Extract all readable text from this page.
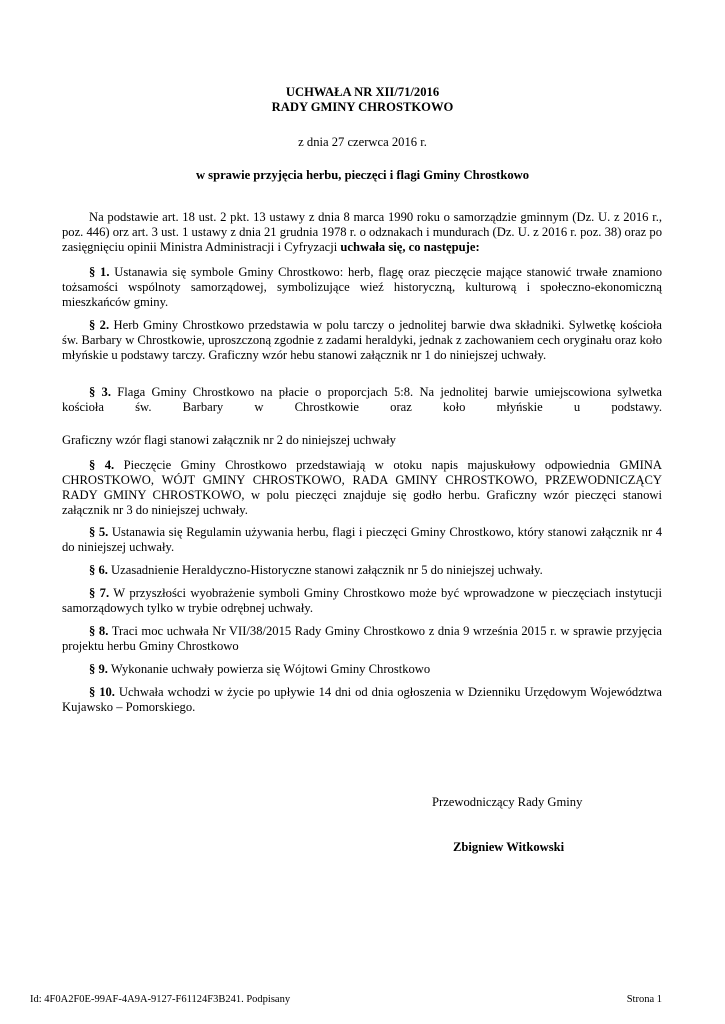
UCHWAŁA NR XII/71/2016
RADY GMINY CHROSTKOWO
z dnia 27 czerwca 2016 r.
w sprawie przyjęcia herbu, pieczęci i flagi Gminy Chrostkowo
Na podstawie art. 18 ust. 2 pkt. 13 ustawy z dnia 8 marca 1990 roku o samorządzie gminnym (Dz. U. z 2016 r., poz. 446) orz art. 3 ust. 1 ustawy z dnia 21 grudnia 1978 r. o odznakach i mundurach (Dz. U. z 2016 r. poz. 38) oraz po zasięgnięciu opinii Ministra Administracji i Cyfryzacji uchwała się, co następuje:
§ 1. Ustanawia się symbole Gminy Chrostkowo: herb, flagę oraz pieczęcie mające stanowić trwałe znamiono tożsamości wspólnoty samorządowej, symbolizujące wieź historyczną, kulturową i społeczno-ekonomiczną mieszkańców gminy.
§ 2. Herb Gminy Chrostkowo przedstawia w polu tarczy o jednolitej barwie dwa składniki. Sylwetkę kościoła św. Barbary w Chrostkowie, uproszczoną zgodnie z zadami heraldyki, jednak z zachowaniem cech oryginału oraz koło młyńskie u podstawy tarczy. Graficzny wzór hebu stanowi załącznik nr 1 do niniejszej uchwały.
§ 3. Flaga Gminy Chrostkowo na płacie o proporcjach 5:8. Na jednolitej barwie umiejscowiona sylwetka kościoła św. Barbary w Chrostkowie oraz koło młyńskie u podstawy.
Graficzny wzór flagi stanowi załącznik nr 2 do niniejszej uchwały
§ 4. Pieczęcie Gminy Chrostkowo przedstawiają w otoku napis majuskułowy odpowiednia GMINA CHROSTKOWO, WÓJT GMINY CHROSTKOWO, RADA GMINY CHROSTKOWO, PRZEWODNICZĄCY RADY GMINY CHROSTKOWO, w polu pieczęci znajduje się godło herbu. Graficzny wzór pieczęci stanowi załącznik nr 3 do niniejszej uchwały.
§ 5. Ustanawia się Regulamin używania herbu, flagi i pieczęci Gminy Chrostkowo, który stanowi załącznik nr 4 do niniejszej uchwały.
§ 6. Uzasadnienie Heraldyczno-Historyczne stanowi załącznik nr 5 do niniejszej uchwały.
§ 7. W przyszłości wyobrażenie symboli Gminy Chrostkowo może być wprowadzone w pieczęciach instytucji samorządowych tylko w trybie odrębnej uchwały.
§ 8. Traci moc uchwała Nr VII/38/2015 Rady Gminy Chrostkowo z dnia 9 września 2015 r. w sprawie przyjęcia projektu herbu Gminy Chrostkowo
§ 9. Wykonanie uchwały powierza się Wójtowi Gminy Chrostkowo
§ 10. Uchwała wchodzi w życie po upływie 14 dni od dnia ogłoszenia w Dzienniku Urzędowym Województwa Kujawsko – Pomorskiego.
Przewodniczący Rady Gminy
Zbigniew Witkowski
Id: 4F0A2F0E-99AF-4A9A-9127-F61124F3B241. Podpisany	Strona 1
